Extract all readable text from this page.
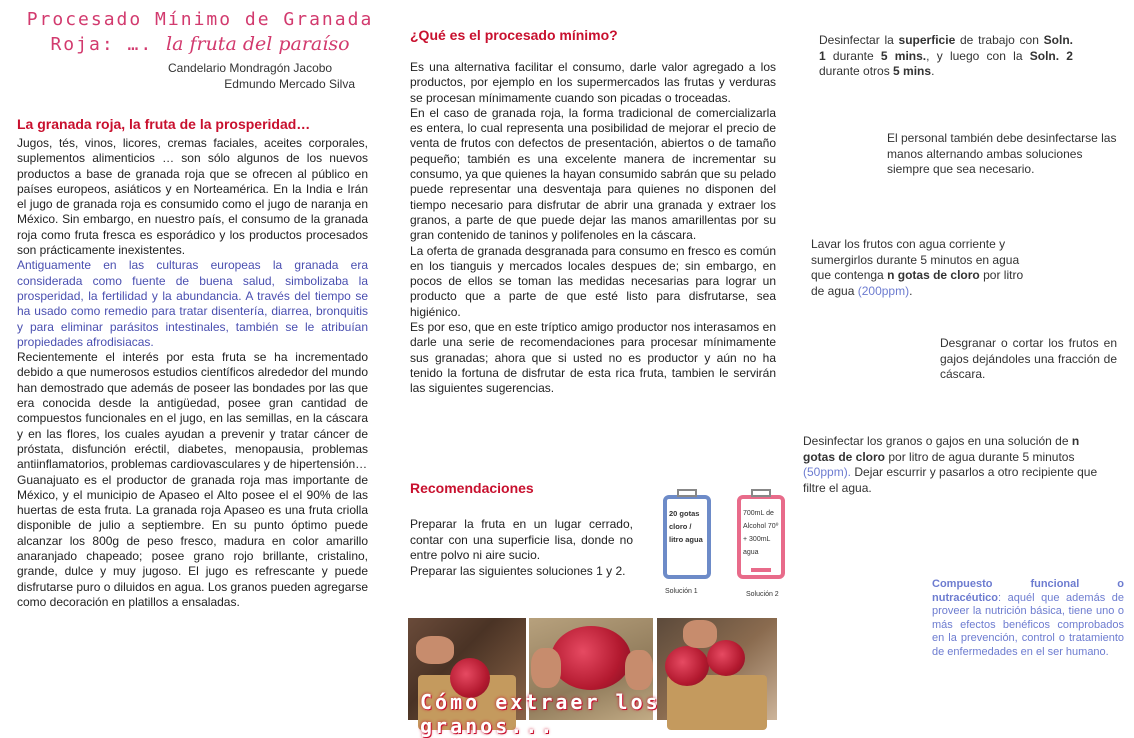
Procesado Mínimo de Granada
Roja: …. la fruta del paraíso
Candelario Mondragón Jacobo
Edmundo Mercado Silva
La granada roja, la fruta de la prosperidad…

Jugos, tés, vinos, licores, cremas faciales, aceites corporales, suplementos alimenticios … son sólo algunos de los nuevos productos a base de granada roja que se ofrecen al público en países europeos, asiáticos y en Norteamérica. En la India e Irán el jugo de granada roja es consumido como el jugo de naranja en México. Sin embargo, en nuestro país, el consumo de la granada roja como fruta fresca es esporádico y los productos procesados son prácticamente inexistentes.

Antiguamente en las culturas europeas la granada era considerada como fuente de buena salud, simbolizaba la prosperidad, la fertilidad y la abundancia. A través del tiempo se ha usado como remedio para tratar disentería, diarrea, bronquitis y para eliminar parásitos intestinales, también se le atribuían propiedades afrodisiacas.

Recientemente el interés por esta fruta se ha incrementado debido a que numerosos estudios científicos alrededor del mundo han demostrado que además de poseer las bondades por las que era conocida desde la antigüedad, posee gran cantidad de compuestos funcionales en el jugo, en las semillas, en la cáscara y en las flores, los cuales ayudan a prevenir y tratar cáncer de próstata, disfunción eréctil, diabetes, menopausia, problemas antiinflamatorios, problemas cardiovasculares y de hipertensión…

Guanajuato es el productor de granada roja mas importante de México, y el municipio de Apaseo el Alto posee el el 90% de las huertas de esta fruta. La granada roja Apaseo es una fruta criolla disponible de julio a septiembre. En su punto óptimo puede alcanzar los 800g de peso fresco, madura en color amarillo anaranjado chapeado; posee grano rojo brillante, cristalino, grande, dulce y muy jugoso. El jugo es refrescante y puede disfrutarse puro o diluidos en agua. Los granos pueden agregarse como decoración en platillos a ensaladas.

¿Qué es el procesado mínimo?

Es una alternativa facilitar el consumo, darle valor agregado a los productos, por ejemplo en los supermercados las frutas y verduras se procesan mínimamente cuando son picadas o troceadas.

En el caso de granada roja, la forma tradicional de comercializarla es entera, lo cual representa una posibilidad de mejorar el precio de venta de frutos con defectos de presentación, abiertos o de tamaño pequeño; también es una excelente manera de incrementar su consumo, ya que quienes la hayan consumido sabrán que su pelado puede representar una desventaja para quienes no disponen del tiempo necesario para disfrutar de abrir una granada y extraer los granos, a parte de que puede dejar las manos amarillentas por su gran contenido de taninos y polifenoles en la cáscara.

La oferta de granada desgranada para consumo en fresco es común en los tianguis y mercados locales despues de; sin embargo, en pocos de ellos se toman las medidas necesarias para lograr un producto que a parte de que esté listo para disfrutarse, sea higiénico.

Es por eso, que en este tríptico amigo productor nos interasamos en darle una serie de recomendaciones para procesar mínimamente sus granadas; ahora que si usted no es productor y aún no ha tenido la fortuna de disfrutar de esta rica fruta, tambien le servirán las siguientes sugerencias.

Recomendaciones

Preparar la fruta en un lugar cerrado, contar con una superficie lisa, donde no entre polvo ni aire sucio.

Preparar las siguientes soluciones 1 y 2.

20 gotas
cloro /
litro agua
Solución 1
700mL de
Alcohol 70º
+ 300mL
agua
Solución 2
Cómo extraer los granos...

Desinfectar la superficie de trabajo con Soln. 1 durante 5 mins., y luego con la Soln. 2 durante otros 5 mins.

El personal también debe desinfectarse las manos alternando ambas soluciones siempre que sea necesario.

Lavar los frutos con agua corriente y sumergirlos durante 5 minutos en agua que contenga n gotas de cloro por litro de agua (200ppm).

Desgranar o cortar los frutos en gajos dejándoles una fracción de cáscara.

Desinfectar los granos o gajos en una solución de n gotas de cloro por litro de agua durante 5 minutos (50ppm). Dejar escurrir y pasarlos a otro recipiente que filtre el agua.

Compuesto funcional o nutracéutico: aquél que además de proveer la nutrición básica, tiene uno o más efectos benéficos comprobados en la prevención, control o tratamiento de enfermedades en el ser humano.
